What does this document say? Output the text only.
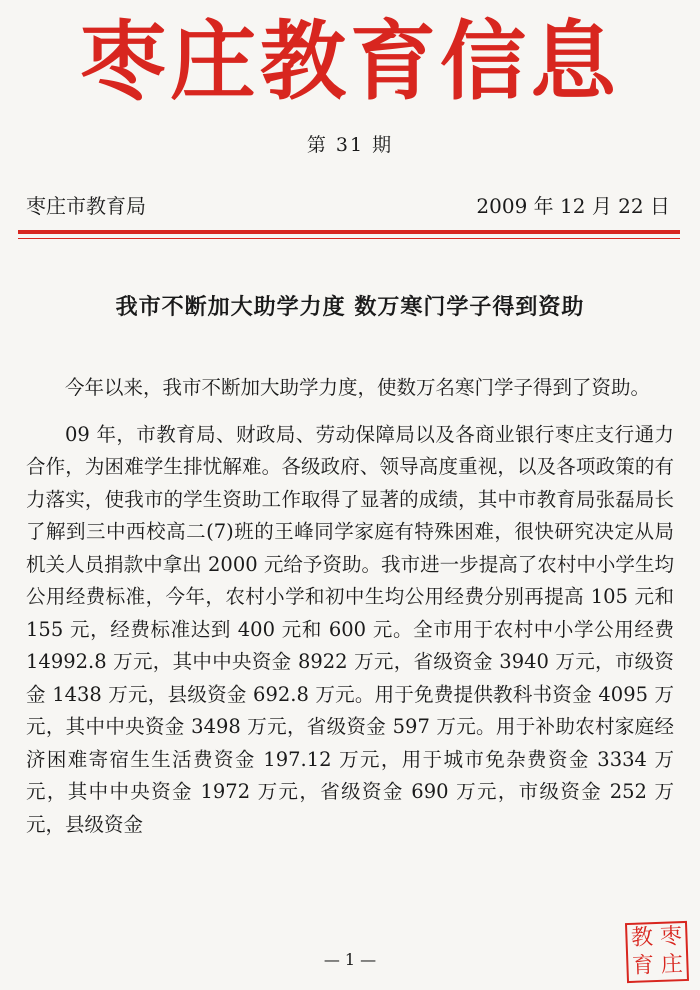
枣庄教育信息
第 31 期
枣庄市教育局	2009 年 12 月 22 日
我市不断加大助学力度 数万寒门学子得到资助

今年以来，我市不断加大助学力度，使数万名寒门学子得到了资助。

09 年，市教育局、财政局、劳动保障局以及各商业银行枣庄支行通力合作，为困难学生排忧解难。各级政府、领导高度重视，以及各项政策的有力落实，使我市的学生资助工作取得了显著的成绩，其中市教育局张磊局长了解到三中西校高二(7)班的王峰同学家庭有特殊困难，很快研究决定从局机关人员捐款中拿出 2000 元给予资助。我市进一步提高了农村中小学生均公用经费标准，今年，农村小学和初中生均公用经费分别再提高 105 元和 155 元，经费标准达到 400 元和 600 元。全市用于农村中小学公用经费 14992.8 万元，其中中央资金 8922 万元，省级资金 3940 万元，市级资金 1438 万元，县级资金 692.8 万元。用于免费提供教科书资金 4095 万元，其中中央资金 3498 万元，省级资金 597 万元。用于补助农村家庭经济困难寄宿生生活费资金 197.12 万元，用于城市免杂费资金 3334 万元，其中中央资金 1972 万元，省级资金 690 万元，市级资金 252 万元，县级资金

— 1 —
教 枣
育 庄
